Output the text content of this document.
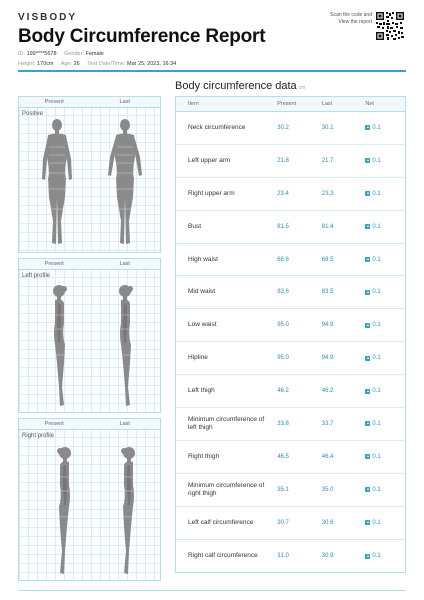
VISBODY
Body Circumference Report
ID: 199****5678 Gender: Female
Height: 170cm Age: 26 Test Date/Time: Mar 25, 2023, 16:34
Scan the code and
View the report
Present	Last
Positive
Present	Last
Left profile
Present	Last
Right profile
Body circumference data cm
Item	Present	Last	Net
Neck circumference	30.2	30.1	0.1
Left upper arm	21.8	21.7	0.1
Right upper arm	23.4	23.3	0.1
Bust	81.5	81.4	0.1
High waist	68.6	68.5	0.1
Mid waist	83.6	83.5	0.1
Low waist	95.0	94.9	0.1
Hipline	95.0	94.9	0.1
Left thigh	46.2	46.2	0.1
Minimum circumference of left thigh	33.8	33.7	0.1
Right thigh	46.5	46.4	0.1
Minimum circumference of right thigh	35.1	35.0	0.1
Left calf circumference	30.7	30.6	0.1
Right calf circumference	31.0	30.9	0.1
